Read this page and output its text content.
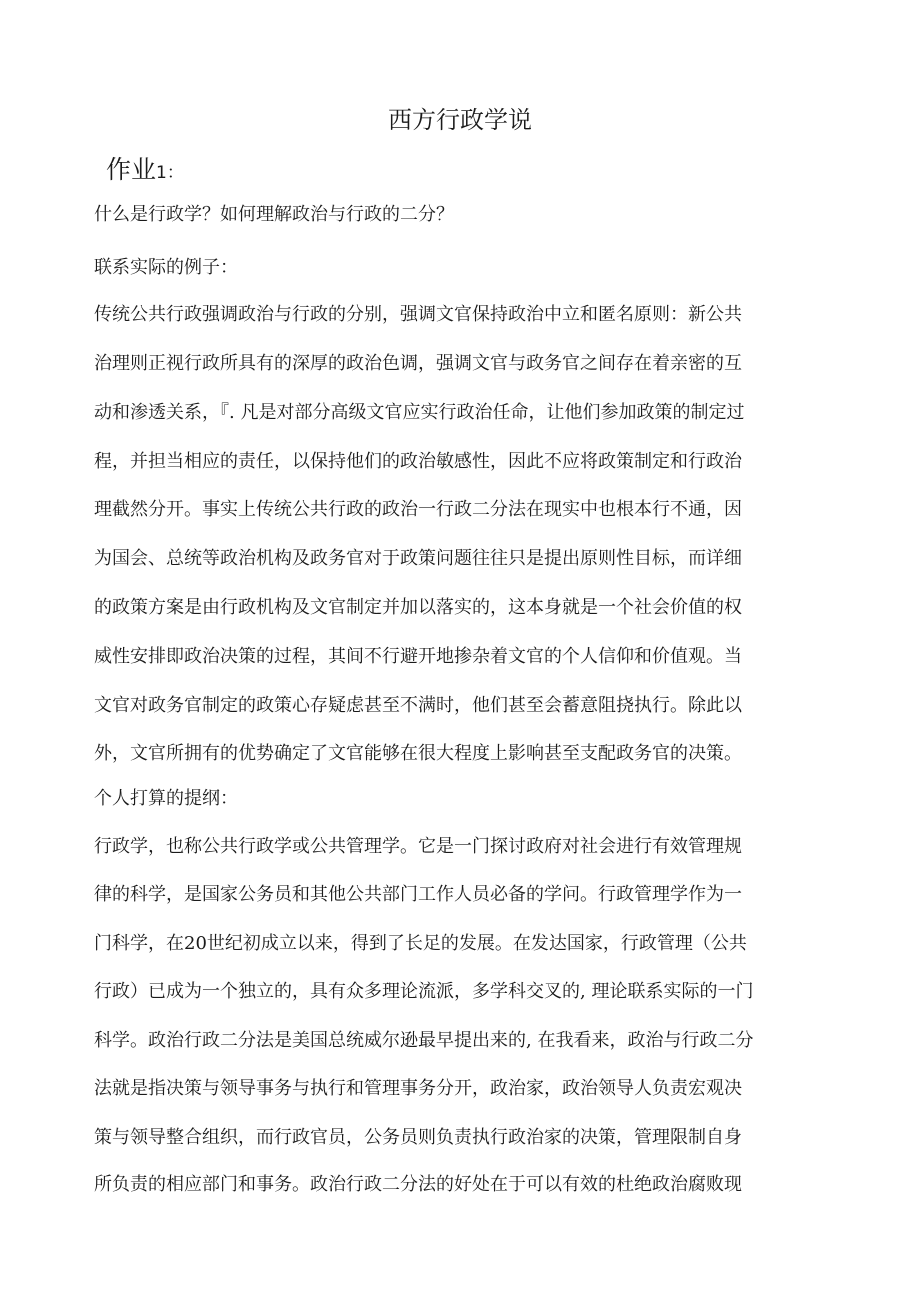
西方行政学说
作业1：

什么是行政学？如何理解政治与行政的二分？

联系实际的例子：

传统公共行政强调政治与行政的分别，强调文官保持政治中立和匿名原则：新公共

治理则正视行政所具有的深厚的政治色调，强调文官与政务官之间存在着亲密的互

动和渗透关系，『. 凡是对部分高级文官应实行政治任命，让他们参加政策的制定过

程，并担当相应的责任，以保持他们的政治敏感性，因此不应将政策制定和行政治

理截然分开。事实上传统公共行政的政治一行政二分法在现实中也根本行不通，因

为国会、总统等政治机构及政务官对于政策问题往往只是提出原则性目标，而详细

的政策方案是由行政机构及文官制定并加以落实的，这本身就是一个社会价值的权

威性安排即政治决策的过程，其间不行避开地掺杂着文官的个人信仰和价值观。当

文官对政务官制定的政策心存疑虑甚至不满时，他们甚至会蓄意阻挠执行。除此以

外，文官所拥有的优势确定了文官能够在很大程度上影响甚至支配政务官的决策。

个人打算的提纲：

行政学，也称公共行政学或公共管理学。它是一门探讨政府对社会进行有效管理规

律的科学，是国家公务员和其他公共部门工作人员必备的学问。行政管理学作为一

门科学，在20世纪初成立以来，得到了长足的发展。在发达国家，行政管理（公共

行政）已成为一个独立的，具有众多理论流派，多学科交叉的, 理论联系实际的一门

科学。政治行政二分法是美国总统威尔逊最早提出来的, 在我看来，政治与行政二分

法就是指决策与领导事务与执行和管理事务分开，政治家，政治领导人负责宏观决

策与领导整合组织，而行政官员，公务员则负责执行政治家的决策，管理限制自身

所负责的相应部门和事务。政治行政二分法的好处在于可以有效的杜绝政治腐败现
